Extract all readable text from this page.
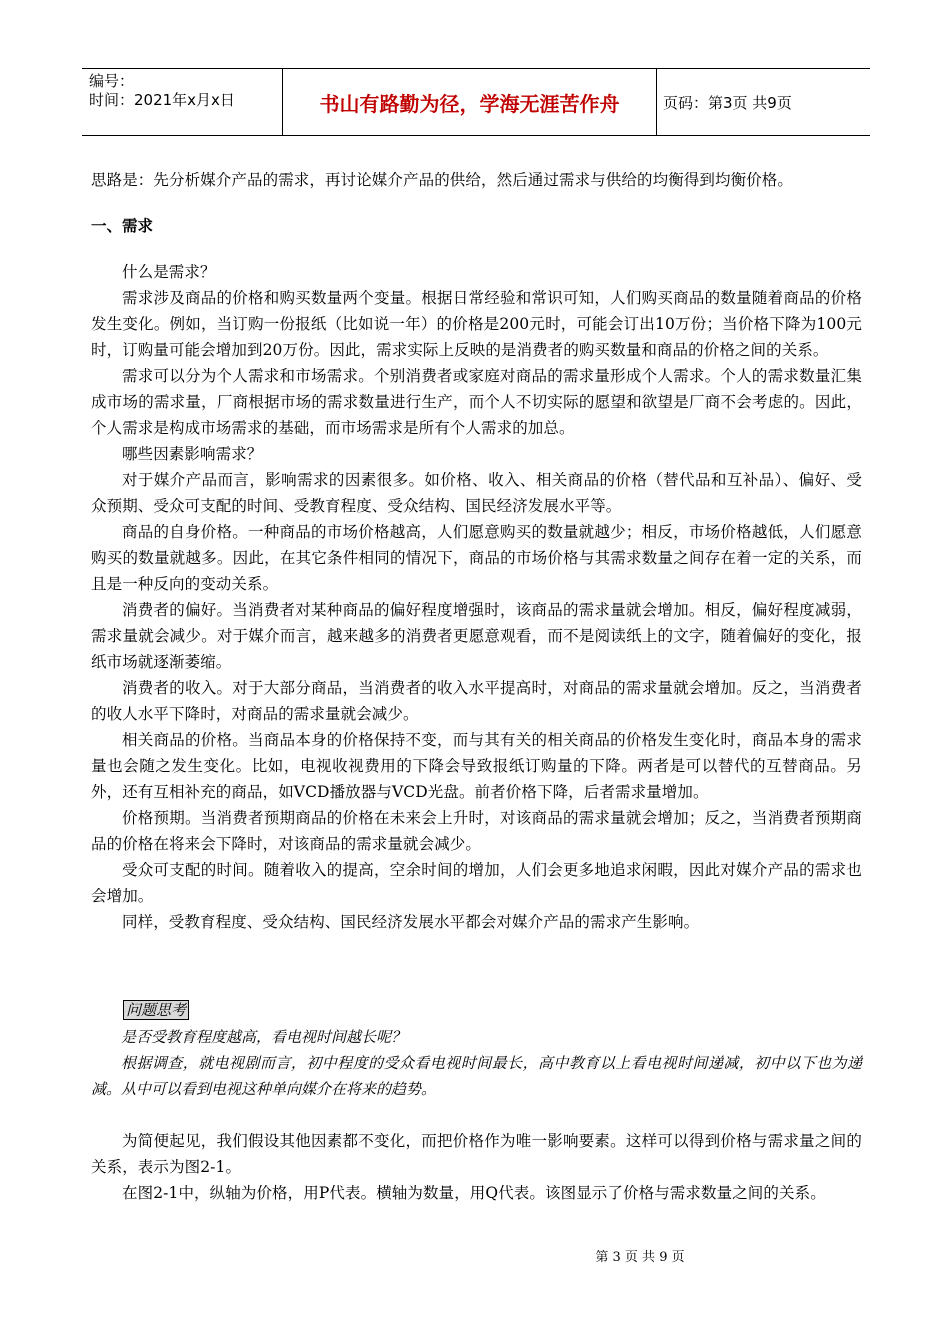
编号：
时间：2021年x月x日	书山有路勤为径，学海无涯苦作舟	页码：第3页 共9页

思路是：先分析媒介产品的需求，再讨论媒介产品的供给，然后通过需求与供给的均衡得到均衡价格。

一、需求

什么是需求？

需求涉及商品的价格和购买数量两个变量。根据日常经验和常识可知，人们购买商品的数量随着商品的价格发生变化。例如，当订购一份报纸（比如说一年）的价格是200元时，可能会订出10万份；当价格下降为100元时，订购量可能会增加到20万份。因此，需求实际上反映的是消费者的购买数量和商品的价格之间的关系。

需求可以分为个人需求和市场需求。个别消费者或家庭对商品的需求量形成个人需求。个人的需求数量汇集成市场的需求量，厂商根据市场的需求数量进行生产，而个人不切实际的愿望和欲望是厂商不会考虑的。因此，个人需求是构成市场需求的基础，而市场需求是所有个人需求的加总。

哪些因素影响需求？

对于媒介产品而言，影响需求的因素很多。如价格、收入、相关商品的价格（替代品和互补品）、偏好、受众预期、受众可支配的时间、受教育程度、受众结构、国民经济发展水平等。

商品的自身价格。一种商品的市场价格越高，人们愿意购买的数量就越少；相反，市场价格越低，人们愿意购买的数量就越多。因此，在其它条件相同的情况下，商品的市场价格与其需求数量之间存在着一定的关系，而且是一种反向的变动关系。

消费者的偏好。当消费者对某种商品的偏好程度增强时，该商品的需求量就会增加。相反，偏好程度减弱，需求量就会减少。对于媒介而言，越来越多的消费者更愿意观看，而不是阅读纸上的文字，随着偏好的变化，报纸市场就逐渐萎缩。

消费者的收入。对于大部分商品，当消费者的收入水平提高时，对商品的需求量就会增加。反之，当消费者的收人水平下降时，对商品的需求量就会减少。

相关商品的价格。当商品本身的价格保持不变，而与其有关的相关商品的价格发生变化时，商品本身的需求量也会随之发生变化。比如，电视收视费用的下降会导致报纸订购量的下降。两者是可以替代的互替商品。另外，还有互相补充的商品，如VCD播放器与VCD光盘。前者价格下降，后者需求量增加。

价格预期。当消费者预期商品的价格在未来会上升时，对该商品的需求量就会增加；反之，当消费者预期商品的价格在将来会下降时，对该商品的需求量就会减少。

受众可支配的时间。随着收入的提高，空余时间的增加，人们会更多地追求闲暇，因此对媒介产品的需求也会增加。

同样，受教育程度、受众结构、国民经济发展水平都会对媒介产品的需求产生影响。

问题思考

是否受教育程度越高，看电视时间越长呢？

根据调查，就电视剧而言，初中程度的受众看电视时间最长，高中教育以上看电视时间递减，初中以下也为递减。从中可以看到电视这种单向媒介在将来的趋势。

为简便起见，我们假设其他因素都不变化，而把价格作为唯一影响要素。这样可以得到价格与需求量之间的关系，表示为图2-1。

在图2-1中，纵轴为价格，用P代表。横轴为数量，用Q代表。该图显示了价格与需求数量之间的关系。

第 3 页 共 9 页
